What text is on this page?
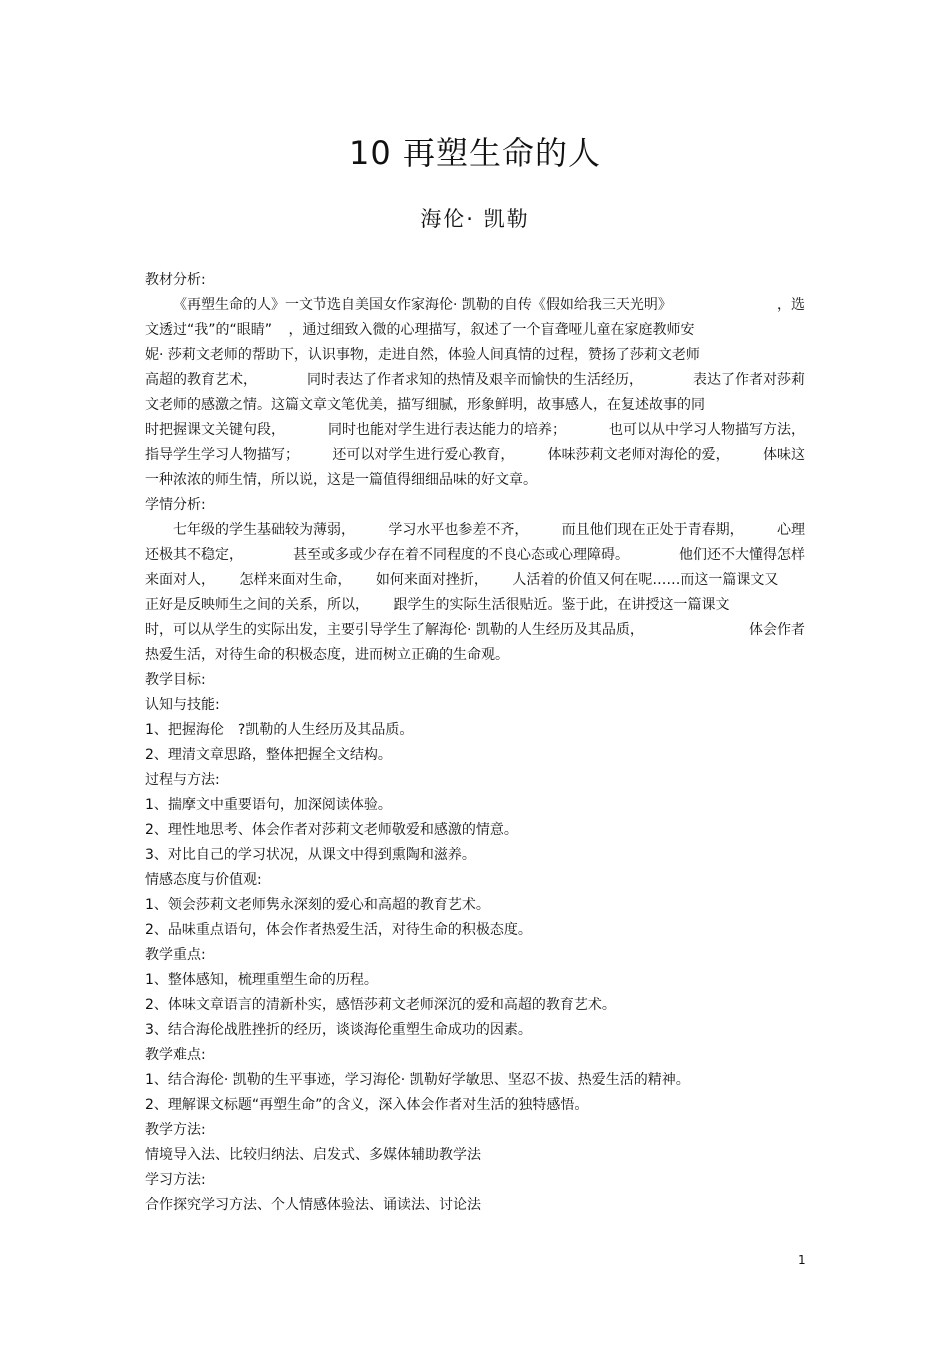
10 再塑生命的人
海伦· 凯勒
教材分析:
《再塑生命的人》一文节选自美国女作家海伦· 凯勒的自传《假如给我三天光明》	，选
文透过“我”的“眼睛” ，通过细致入微的心理描写，叙述了一个盲聋哑儿童在家庭教师安
妮· 莎莉文老师的帮助下，认识事物，走进自然，体验人间真情的过程，赞扬了莎莉文老师
高超的教育艺术，	同时表达了作者求知的热情及艰辛而愉快的生活经历，	表达了作者对莎莉
文老师的感激之情。这篇文章文笔优美，描写细腻，形象鲜明，故事感人，在复述故事的同
时把握课文关键句段，	同时也能对学生进行表达能力的培养；	也可以从中学习人物描写方法，
指导学生学习人物描写； 还可以对学生进行爱心教育， 体味莎莉文老师对海伦的爱， 体味这
一种浓浓的师生情，所以说，这是一篇值得细细品味的好文章。
学情分析:
七年级的学生基础较为薄弱， 学习水平也参差不齐， 而且他们现在正处于青春期， 心理
还极其不稳定，	甚至或多或少存在着不同程度的不良心态或心理障碍。	他们还不大懂得怎样
来面对人， 怎样来面对生命， 如何来面对挫折， 人活着的价值又何在呢……而这一篇课文又
正好是反映师生之间的关系，所以， 跟学生的实际生活很贴近。鉴于此，在讲授这一篇课文
时，可以从学生的实际出发，主要引导学生了解海伦· 凯勒的人生经历及其品质，	体会作者
热爱生活，对待生命的积极态度，进而树立正确的生命观。
教学目标:
认知与技能:
1、把握海伦　?凯勒的人生经历及其品质。
2、理清文章思路，整体把握全文结构。
过程与方法:
1、揣摩文中重要语句，加深阅读体验。
2、理性地思考、体会作者对莎莉文老师敬爱和感激的情意。
3、对比自己的学习状况，从课文中得到熏陶和滋养。
情感态度与价值观:
1、领会莎莉文老师隽永深刻的爱心和高超的教育艺术。
2、品味重点语句，体会作者热爱生活，对待生命的积极态度。
教学重点:
1、整体感知，梳理重塑生命的历程。
2、体味文章语言的清新朴实，感悟莎莉文老师深沉的爱和高超的教育艺术。
3、结合海伦战胜挫折的经历，谈谈海伦重塑生命成功的因素。
教学难点:
1、结合海伦· 凯勒的生平事迹，学习海伦· 凯勒好学敏思、坚忍不拔、热爱生活的精神。
2、理解课文标题“再塑生命”的含义，深入体会作者对生活的独特感悟。
教学方法:
情境导入法、比较归纳法、启发式、多媒体辅助教学法
学习方法:
合作探究学习方法、个人情感体验法、诵读法、讨论法
1
